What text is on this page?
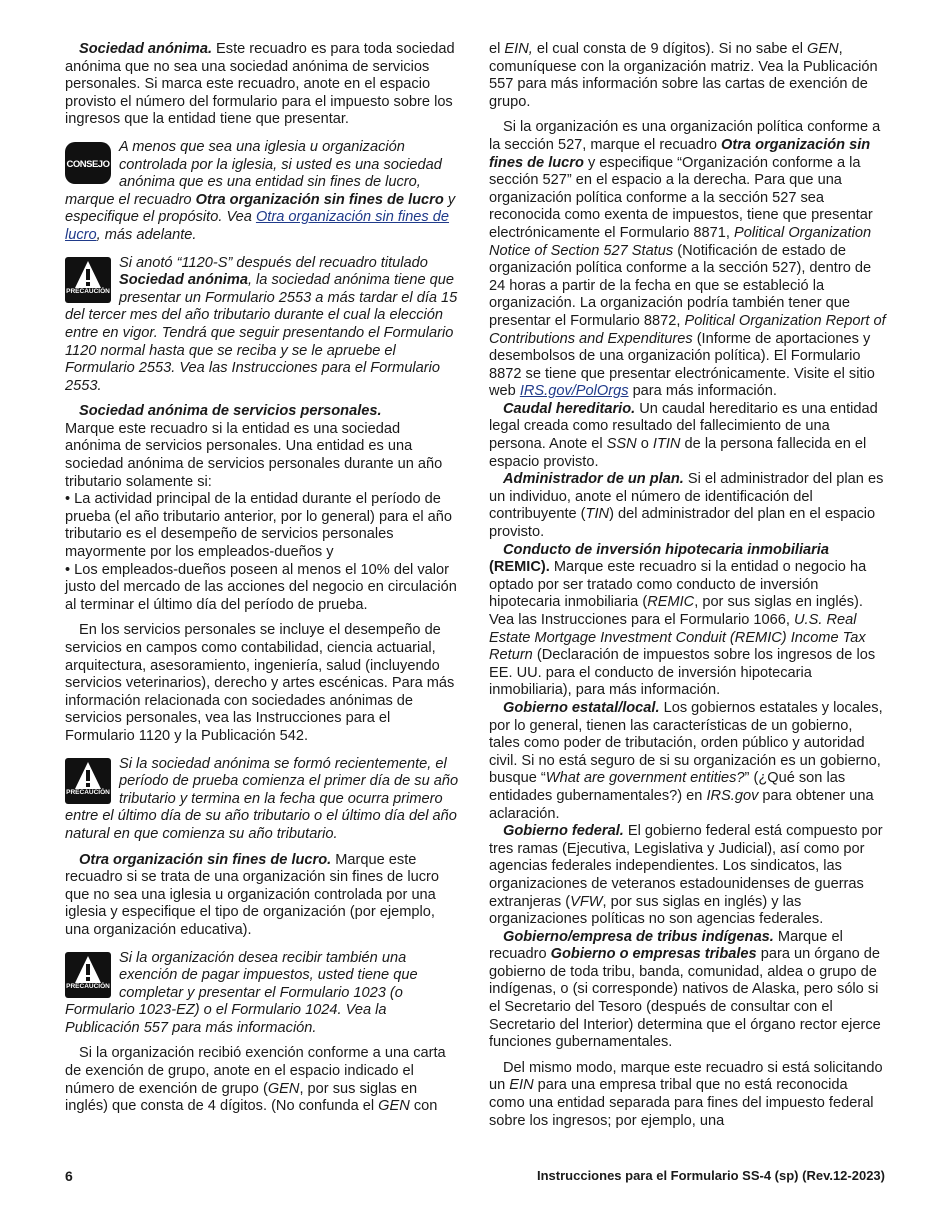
Sociedad anónima. Este recuadro es para toda sociedad anónima que no sea una sociedad anónima de servicios personales. Si marca este recuadro, anote en el espacio provisto el número del formulario para el impuesto sobre los ingresos que la entidad tiene que presentar.

CONSEJO
A menos que sea una iglesia u organización controlada por la iglesia, si usted es una sociedad anónima que es una entidad sin fines de lucro, marque el recuadro Otra organización sin fines de lucro y especifique el propósito. Vea Otra organización sin fines de lucro, más adelante.
PRECAUCIÓN
Si anotó “1120-S” después del recuadro titulado Sociedad anónima, la sociedad anónima tiene que presentar un Formulario 2553 a más tardar el día 15 del tercer mes del año tributario durante el cual la elección entre en vigor. Tendrá que seguir presentando el Formulario 1120 normal hasta que se reciba y se le apruebe el Formulario 2553. Vea las Instrucciones para el Formulario 2553.

Sociedad anónima de servicios personales.

Marque este recuadro si la entidad es una sociedad anónima de servicios personales. Una entidad es una sociedad anónima de servicios personales durante un año tributario solamente si:

• La actividad principal de la entidad durante el período de prueba (el año tributario anterior, por lo general) para el año tributario es el desempeño de servicios personales mayormente por los empleados-dueños y

• Los empleados-dueños poseen al menos el 10% del valor justo del mercado de las acciones del negocio en circulación al terminar el último día del período de prueba.

En los servicios personales se incluye el desempeño de servicios en campos como contabilidad, ciencia actuarial, arquitectura, asesoramiento, ingeniería, salud (incluyendo servicios veterinarios), derecho y artes escénicas. Para más información relacionada con sociedades anónimas de servicios personales, vea las Instrucciones para el Formulario 1120 y la Publicación 542.

PRECAUCIÓN
Si la sociedad anónima se formó recientemente, el período de prueba comienza el primer día de su año tributario y termina en la fecha que ocurra primero entre el último día de su año tributario o el último día del año natural en que comienza su año tributario.

Otra organización sin fines de lucro. Marque este recuadro si se trata de una organización sin fines de lucro que no sea una iglesia u organización controlada por una iglesia y especifique el tipo de organización (por ejemplo, una organización educativa).

PRECAUCIÓN
Si la organización desea recibir también una exención de pagar impuestos, usted tiene que completar y presentar el Formulario 1023 (o Formulario 1023-EZ) o el Formulario 1024. Vea la Publicación 557 para más información.

Si la organización recibió exención conforme a una carta de exención de grupo, anote en el espacio indicado el número de exención de grupo (GEN, por sus siglas en inglés) que consta de 4 dígitos. (No confunda el GEN con

el EIN, el cual consta de 9 dígitos). Si no sabe el GEN, comuníquese con la organización matriz. Vea la Publicación 557 para más información sobre las cartas de exención de grupo.

Si la organización es una organización política conforme a la sección 527, marque el recuadro Otra organización sin fines de lucro y especifique “Organización conforme a la sección 527” en el espacio a la derecha. Para que una organización política conforme a la sección 527 sea reconocida como exenta de impuestos, tiene que presentar electrónicamente el Formulario 8871, Political Organization Notice of Section 527 Status (Notificación de estado de organización política conforme a la sección 527), dentro de 24 horas a partir de la fecha en que se estableció la organización. La organización podría también tener que presentar el Formulario 8872, Political Organization Report of Contributions and Expenditures (Informe de aportaciones y desembolsos de una organización política). El Formulario 8872 se tiene que presentar electrónicamente. Visite el sitio web IRS.gov/PolOrgs para más información.

Caudal hereditario. Un caudal hereditario es una entidad legal creada como resultado del fallecimiento de una persona. Anote el SSN o ITIN de la persona fallecida en el espacio provisto.

Administrador de un plan. Si el administrador del plan es un individuo, anote el número de identificación del contribuyente (TIN) del administrador del plan en el espacio provisto.

Conducto de inversión hipotecaria inmobiliaria

(REMIC). Marque este recuadro si la entidad o negocio ha optado por ser tratado como conducto de inversión hipotecaria inmobiliaria (REMIC, por sus siglas en inglés). Vea las Instrucciones para el Formulario 1066, U.S. Real Estate Mortgage Investment Conduit (REMIC) Income Tax Return (Declaración de impuestos sobre los ingresos de los EE. UU. para el conducto de inversión hipotecaria inmobiliaria), para más información.

Gobierno estatal/local. Los gobiernos estatales y locales, por lo general, tienen las características de un gobierno, tales como poder de tributación, orden público y autoridad civil. Si no está seguro de si su organización es un gobierno, busque “What are government entities?” (¿Qué son las entidades gubernamentales?) en IRS.gov para obtener una aclaración.

Gobierno federal. El gobierno federal está compuesto por tres ramas (Ejecutiva, Legislativa y Judicial), así como por agencias federales independientes. Los sindicatos, las organizaciones de veteranos estadounidenses de guerras extranjeras (VFW, por sus siglas en inglés) y las organizaciones políticas no son agencias federales.

Gobierno/empresa de tribus indígenas. Marque el recuadro Gobierno o empresas tribales para un órgano de gobierno de toda tribu, banda, comunidad, aldea o grupo de indígenas, o (si corresponde) nativos de Alaska, pero sólo si el Secretario del Tesoro (después de consultar con el Secretario del Interior) determina que el órgano rector ejerce funciones gubernamentales.

Del mismo modo, marque este recuadro si está solicitando un EIN para una empresa tribal que no está reconocida como una entidad separada para fines del impuesto federal sobre los ingresos; por ejemplo, una

6	Instrucciones para el Formulario SS-4 (sp) (Rev.12-2023)
